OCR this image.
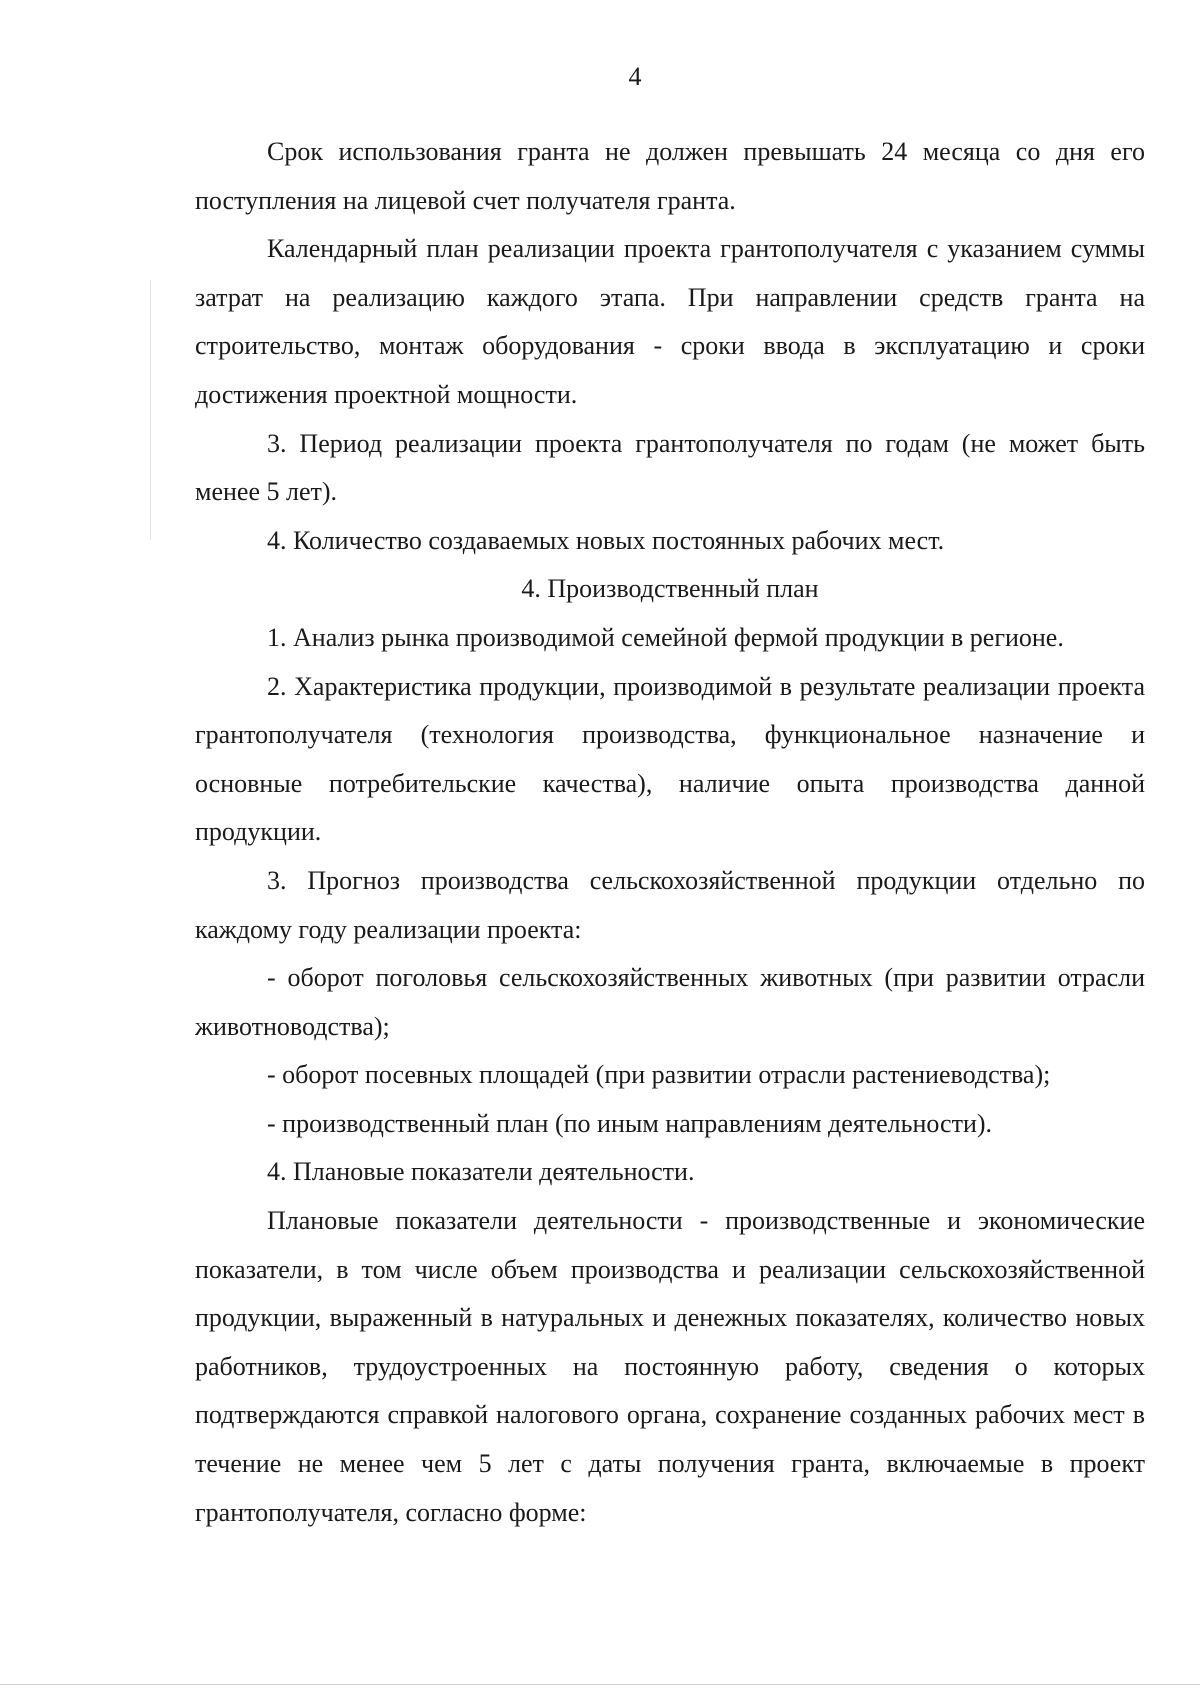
4

Срок использования гранта не должен превышать 24 месяца со дня его поступления на лицевой счет получателя гранта.

Календарный план реализации проекта грантополучателя с указанием суммы затрат на реализацию каждого этапа. При направлении средств гранта на строительство, монтаж оборудования - сроки ввода в эксплуатацию и сроки достижения проектной мощности.

3. Период реализации проекта грантополучателя по годам (не может быть менее 5 лет).

4. Количество создаваемых новых постоянных рабочих мест.

4. Производственный план

1. Анализ рынка производимой семейной фермой продукции в регионе.

2. Характеристика продукции, производимой в результате реализации проекта грантополучателя (технология производства, функциональное назначение и основные потребительские качества), наличие опыта производства данной продукции.

3. Прогноз производства сельскохозяйственной продукции отдельно по каждому году реализации проекта:

- оборот поголовья сельскохозяйственных животных (при развитии отрасли животноводства);

- оборот посевных площадей (при развитии отрасли растениеводства);

- производственный план (по иным направлениям деятельности).

4. Плановые показатели деятельности.

Плановые показатели деятельности - производственные и экономические показатели, в том числе объем производства и реализации сельскохозяйственной продукции, выраженный в натуральных и денежных показателях, количество новых работников, трудоустроенных на постоянную работу, сведения о которых подтверждаются справкой налогового органа, сохранение созданных рабочих мест в течение не менее чем 5 лет с даты получения гранта, включаемые в проект грантополучателя, согласно форме:
